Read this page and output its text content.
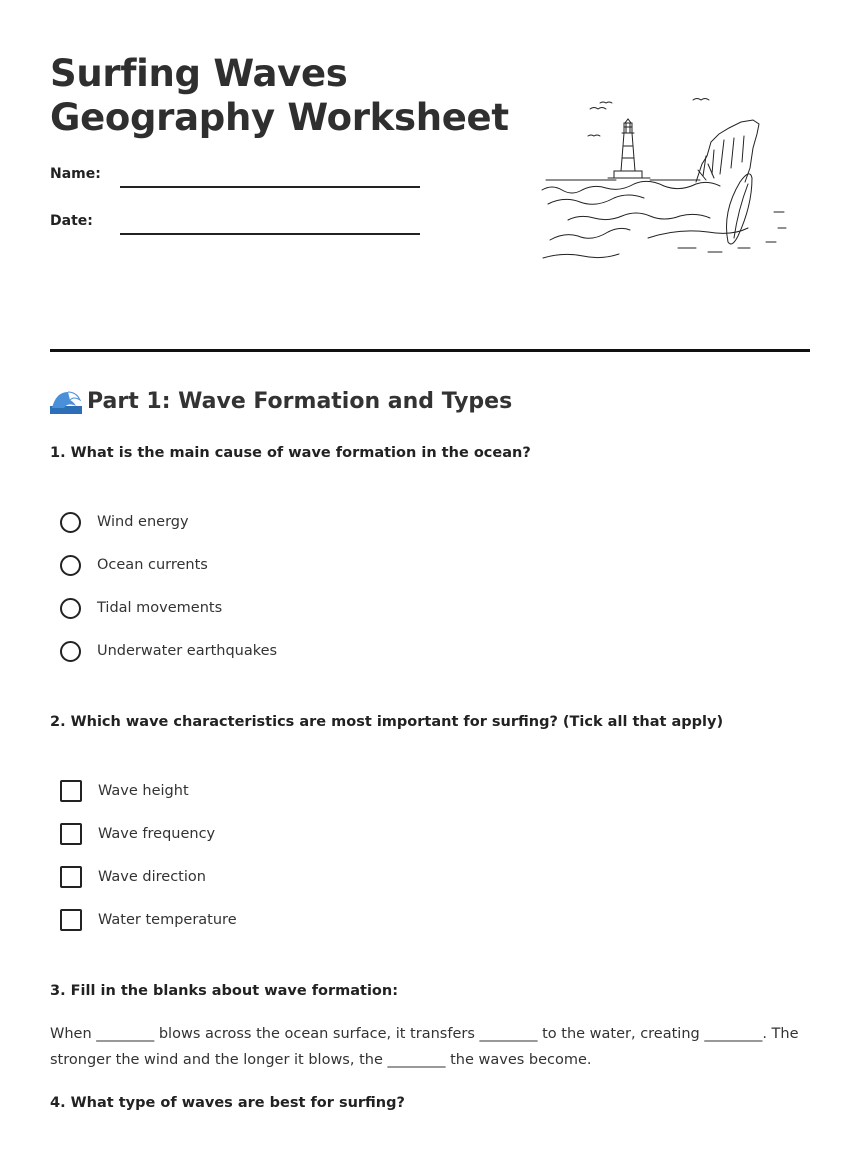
Surfing Waves
Geography Worksheet
Name:
Date:
Part 1: Wave Formation and Types

1. What is the main cause of wave formation in the ocean?

Wind energy
Ocean currents
Tidal movements
Underwater earthquakes

2. Which wave characteristics are most important for surfing? (Tick all that apply)

Wave height
Wave frequency
Wave direction
Water temperature

3. Fill in the blanks about wave formation:

When ________ blows across the ocean surface, it transfers ________ to the water, creating ________. The stronger the wind and the longer it blows, the ________ the waves become.

4. What type of waves are best for surfing?
